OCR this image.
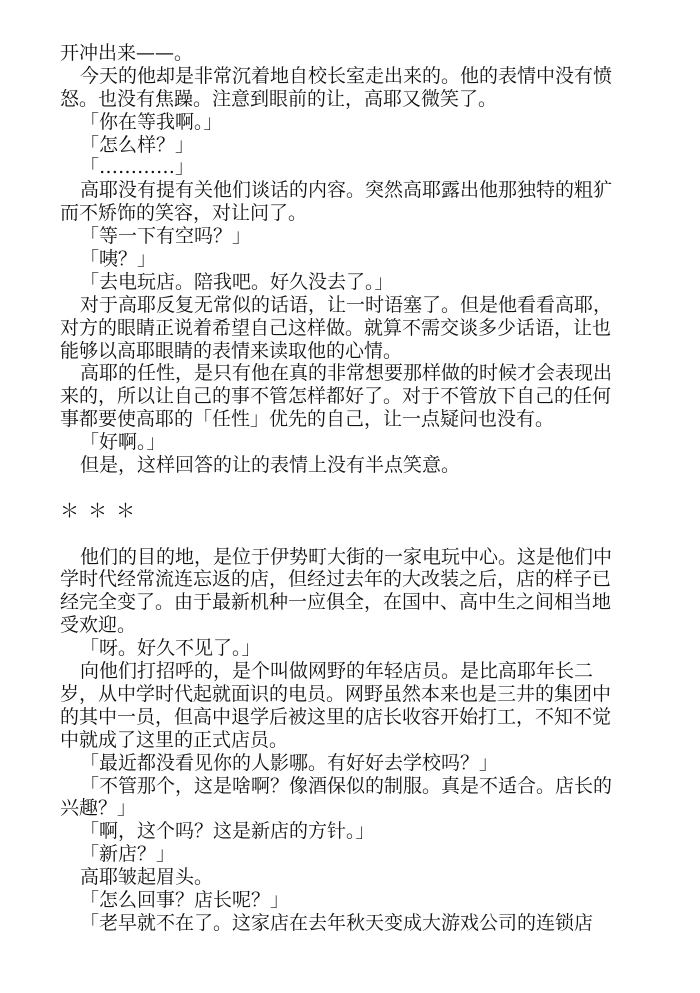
开冲出来——。
今天的他却是非常沉着地自校长室走出来的。他的表情中没有愤
怒。也没有焦躁。注意到眼前的让，高耶又微笑了。
「你在等我啊。」
「怎么样？」
「…………」
高耶没有提有关他们谈话的内容。突然高耶露出他那独特的粗犷
而不矫饰的笑容，对让问了。
「等一下有空吗？」
「咦？」
「去电玩店。陪我吧。好久没去了。」
对于高耶反复无常似的话语，让一时语塞了。但是他看看高耶，
对方的眼睛正说着希望自己这样做。就算不需交谈多少话语，让也
能够以高耶眼睛的表情来读取他的心情。
高耶的任性，是只有他在真的非常想要那样做的时候才会表现出
来的，所以让自己的事不管怎样都好了。对于不管放下自己的任何
事都要使高耶的「任性」优先的自己，让一点疑问也没有。
「好啊。」
但是，这样回答的让的表情上没有半点笑意。
＊＊＊
他们的目的地，是位于伊势町大街的一家电玩中心。这是他们中
学时代经常流连忘返的店，但经过去年的大改装之后，店的样子已
经完全变了。由于最新机种一应俱全，在国中、高中生之间相当地
受欢迎。
「呀。好久不见了。」
向他们打招呼的，是个叫做网野的年轻店员。是比高耶年长二
岁，从中学时代起就面识的电员。网野虽然本来也是三井的集团中
的其中一员，但高中退学后被这里的店长收容开始打工，不知不觉
中就成了这里的正式店员。
「最近都没看见你的人影哪。有好好去学校吗？」
「不管那个，这是啥啊？像酒保似的制服。真是不适合。店长的
兴趣？」
「啊，这个吗？这是新店的方针。」
「新店？」
高耶皱起眉头。
「怎么回事？店长呢？」
「老早就不在了。这家店在去年秋天变成大游戏公司的连锁店
